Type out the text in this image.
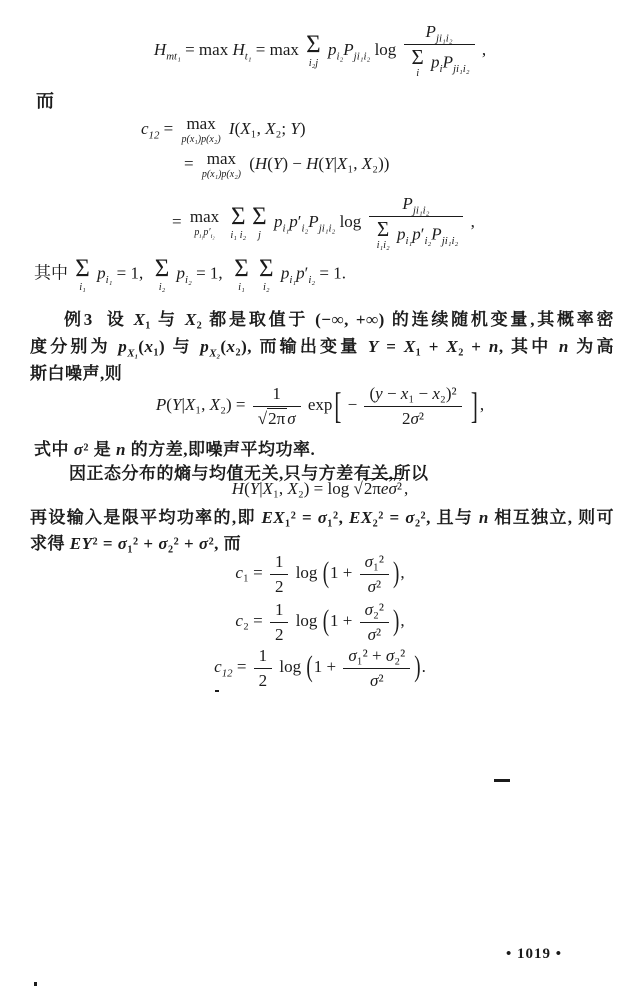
$H_{mt_1} = \max H_{t_1} = \max \Sigma$
i₂j
$p_{i_2}P_{ji_1i_2}$ $\log P_{ji_1i_2}$
Σ
i
$p_iP_{ji_1i_2}$ ,
而
$c_{12} = \max$
p(x₁)p(x₂)
I(X₁, X₂; Y)
= max
p(x₁)p(x₂)
(H(Y) − H(Y|X₁, X₂))
= max
$p_{i_1}p'_{i_2}$

Σ
i₁ i₂
Σ
j
$p_{i_1}p'_{i_2}P_{ji_1i_2}$ $\log P_{ji_1i_2}$
Σ
i₁i₂
$p_{i_1}p'_{i_2}P_{ji_1i_2}$ ,
其中 Σ
i₁
$p_{i_1} = 1$, Σ
i₂
$p_{i_2} = 1$, Σ
i₁

Σ
i₂
$p_{i_1}p'_{i_2} = 1$.
例3  设 X₁ 与 X₂ 都是取值于 (−∞, +∞) 的连续随机变量,其概率密
度分别为 $p_{X_1}(x_1)$ 与 $p_{X_2}(x_2)$, 而输出变量 Y = X₁ + X₂ + n, 其中 n 为高
斯白噪声,则
P(Y|X₁, $X_2) = \frac{1}{\text{√2π σ}} \exp[ - \frac{\text{(y − x₁ − x₂)²}}{\text{2σ²}}$ ] ,
式中 σ² 是 n 的方差,即噪声平均功率.
因正态分布的熵与均值无关,只与方差有关,所以
H(Y|X₁, X₂) = log √2πeσ² ,
再设输入是限平均功率的,即 EX₁² = σ₁², EX₂² = σ₂², 且与 n 相互独立, 则可
求得 EY² = σ₁² + σ₂² + σ², 而
$c_1 = \frac{1}{2}$ $\log (1 + \frac{\text{σ₁²}}{\text{σ²}}$ ),
$c_2 = \frac{1}{2}$ $\log (1 + \frac{\text{σ₂²}}{\text{σ²}}$ ),
$c_{12} = \frac{1}{2}$ $\log (1 + \frac{\text{σ₁² + σ₂²}}{\text{σ²}}$ ).
• 1019 •
